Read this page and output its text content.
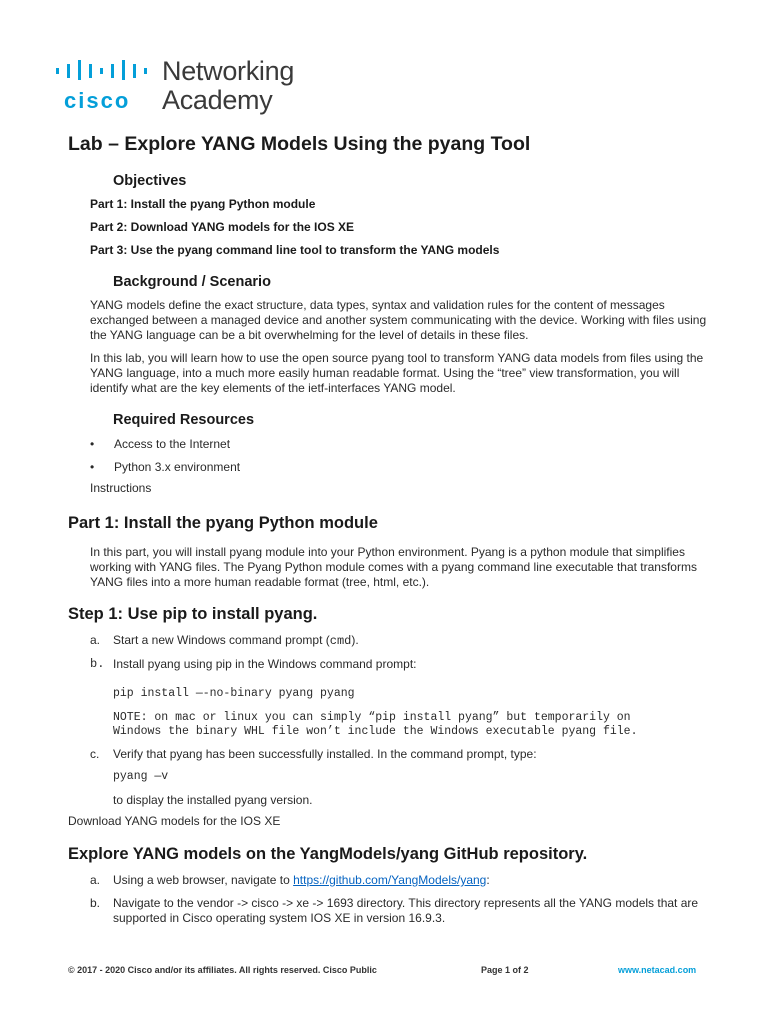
cisco
Networking
Academy
Lab – Explore YANG Models Using the pyang Tool
Objectives
Part 1: Install the pyang Python module
Part 2: Download YANG models for the IOS XE
Part 3: Use the pyang command line tool to transform the YANG models
Background / Scenario

YANG models define the exact structure, data types, syntax and validation rules for the content of messages exchanged between a managed device and another system communicating with the device. Working with files using the YANG language can be a bit overwhelming for the level of details in these files.

In this lab, you will learn how to use the open source pyang tool to transform YANG data models from files using the YANG language, into a much more easily human readable format. Using the “tree” view transformation, you will identify what are the key elements of the ietf-interfaces YANG model.

Required Resources
• Access to the Internet
• Python 3.x environment
Instructions
Part 1: Install the pyang Python module

In this part, you will install pyang module into your Python environment. Pyang is a python module that simplifies working with YANG files. The Pyang Python module comes with a pyang command line executable that transforms YANG files into a more human readable format (tree, html, etc.).

Step 1: Use pip to install pyang.
a. Start a new Windows command prompt (cmd).
b. Install pyang using pip in the Windows command prompt:
pip install —-no-binary pyang pyang
NOTE: on mac or linux you can simply “pip install pyang” but temporarily on
Windows the binary WHL file won’t include the Windows executable pyang file.
c. Verify that pyang has been successfully installed. In the command prompt, type:
pyang —v
to display the installed pyang version.
Download YANG models for the IOS XE
Explore YANG models on the YangModels/yang GitHub repository.
a. Using a web browser, navigate to https://github.com/YangModels/yang:
b. Navigate to the vendor -> cisco -> xe -> 1693 directory. This directory represents all the YANG models that are supported in Cisco operating system IOS XE in version 16.9.3.
© 2017 - 2020 Cisco and/or its affiliates. All rights reserved. Cisco Public	Page 1 of 2	www.netacad.com
